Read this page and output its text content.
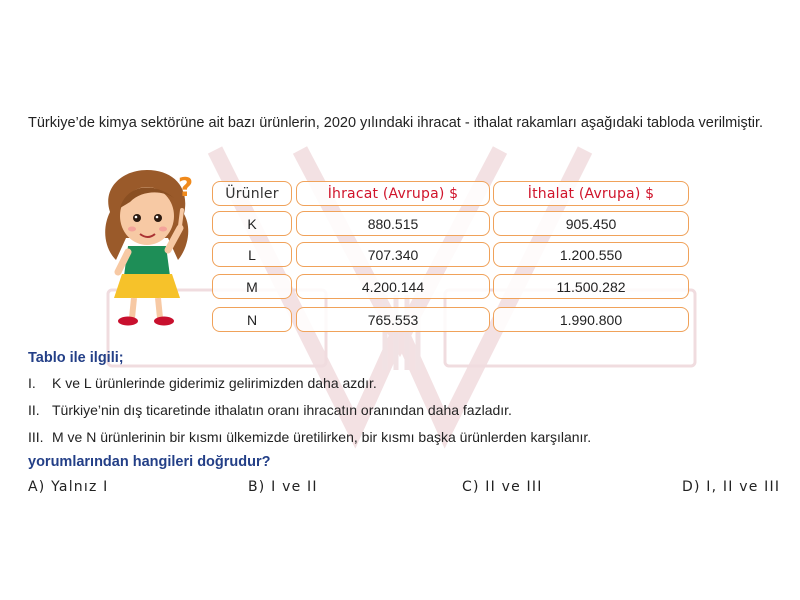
Türkiye’de kimya sektörüne ait bazı ürünlerin, 2020 yılındaki ihracat - ithalat rakamları aşağıdaki tabloda verilmiştir.
?	Ürünler	İhracat (Avrupa) $	İthalat (Avrupa) $
K	880.515	905.450
L	707.340	1.200.550
M	4.200.144	11.500.282
N	765.553	1.990.800
Tablo ile ilgili;
I. K ve L ürünlerinde giderimiz gelirimizden daha azdır.
II. Türkiye’nin dış ticaretinde ithalatın oranı ihracatın oranından daha fazladır.
III. M ve N ürünlerinin bir kısmı ülkemizde üretilirken, bir kısmı başka ürünlerden karşılanır.
yorumlarından hangileri doğrudur?
A) Yalnız I	B) I ve II	C) II ve III	D) I, II ve III
